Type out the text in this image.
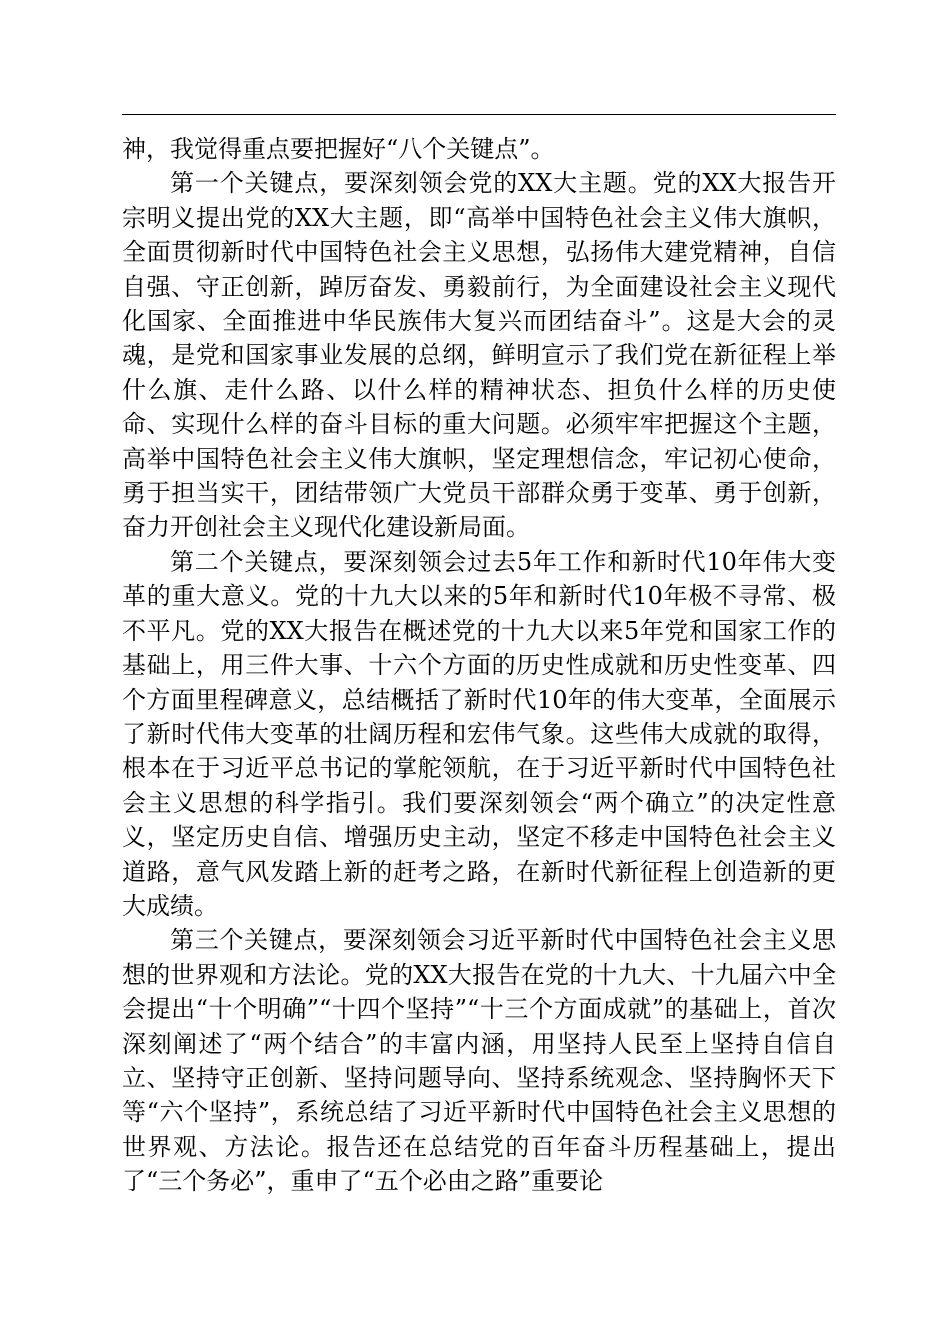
神，我觉得重点要把握好“八个关键点”。

第一个关键点，要深刻领会党的XX大主题。党的XX大报告开宗明义提出党的XX大主题，即“高举中国特色社会主义伟大旗帜，全面贯彻新时代中国特色社会主义思想，弘扬伟大建党精神，自信自强、守正创新，踔厉奋发、勇毅前行，为全面建设社会主义现代化国家、全面推进中华民族伟大复兴而团结奋斗”。这是大会的灵魂，是党和国家事业发展的总纲，鲜明宣示了我们党在新征程上举什么旗、走什么路、以什么样的精神状态、担负什么样的历史使命、实现什么样的奋斗目标的重大问题。必须牢牢把握这个主题，高举中国特色社会主义伟大旗帜，坚定理想信念，牢记初心使命，勇于担当实干，团结带领广大党员干部群众勇于变革、勇于创新，奋力开创社会主义现代化建设新局面。

第二个关键点，要深刻领会过去5年工作和新时代10年伟大变革的重大意义。党的十九大以来的5年和新时代10年极不寻常、极不平凡。党的XX大报告在概述党的十九大以来5年党和国家工作的基础上，用三件大事、十六个方面的历史性成就和历史性变革、四个方面里程碑意义，总结概括了新时代10年的伟大变革，全面展示了新时代伟大变革的壮阔历程和宏伟气象。这些伟大成就的取得，根本在于习近平总书记的掌舵领航，在于习近平新时代中国特色社会主义思想的科学指引。我们要深刻领会“两个确立”的决定性意义，坚定历史自信、增强历史主动，坚定不移走中国特色社会主义道路，意气风发踏上新的赶考之路，在新时代新征程上创造新的更大成绩。

第三个关键点，要深刻领会习近平新时代中国特色社会主义思想的世界观和方法论。党的XX大报告在党的十九大、十九届六中全会提出“十个明确”“十四个坚持”“十三个方面成就”的基础上，首次深刻阐述了“两个结合”的丰富内涵，用坚持人民至上坚持自信自立、坚持守正创新、坚持问题导向、坚持系统观念、坚持胸怀天下等“六个坚持”，系统总结了习近平新时代中国特色社会主义思想的世界观、方法论。报告还在总结党的百年奋斗历程基础上，提出了“三个务必”，重申了“五个必由之路”重要论
